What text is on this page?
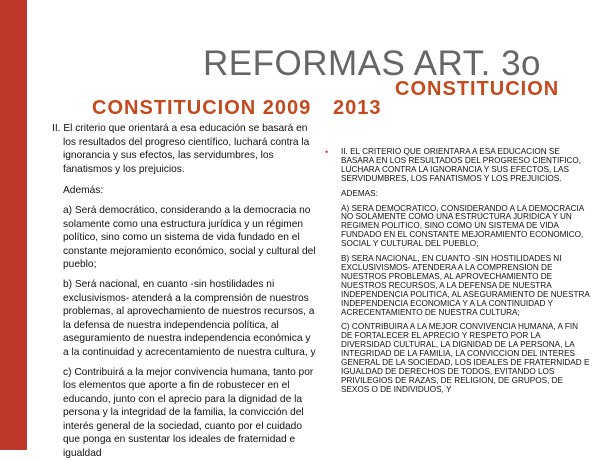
REFORMAS ART. 3o
CONSTITUCION
CONSTITUCION 2009 2013

II. El criterio que orientará a esa educación se basará en los resultados del progreso científico, luchará contra la ignorancia y sus efectos, las servidumbres, los fanatismos y los prejuicios.

Además:

a) Será democrático, considerando a la democracia no solamente como una estructura jurídica y un régimen político, sino como un sistema de vida fundado en el constante mejoramiento económico, social y cultural del pueblo;

b) Será nacional, en cuanto -sin hostilidades ni exclusivismos- atenderá a la comprensión de nuestros problemas, al aprovechamiento de nuestros recursos, a la defensa de nuestra independencia política, al aseguramiento de nuestra independencia económica y a la continuidad y acrecentamiento de nuestra cultura, y

c) Contribuirá a la mejor convivencia humana, tanto por los elementos que aporte a fin de robustecer en el educando, junto con el aprecio para la dignidad de la persona y la integridad de la familia, la convicción del interés general de la sociedad, cuanto por el cuidado que ponga en sustentar los ideales de fraternidad e igualdad

•	II. EL CRITERIO QUE ORIENTARA A ESA EDUCACION SE BASARA EN LOS RESULTADOS DEL PROGRESO CIENTIFICO, LUCHARA CONTRA LA IGNORANCIA Y SUS EFECTOS, LAS SERVIDUMBRES, LOS FANATISMOS Y LOS PREJUICIOS.

ADEMAS:

A) SERA DEMOCRATICO, CONSIDERANDO A LA DEMOCRACIA NO SOLAMENTE COMO UNA ESTRUCTURA JURIDICA Y UN REGIMEN POLITICO, SINO COMO UN SISTEMA DE VIDA FUNDADO EN EL CONSTANTE MEJORAMIENTO ECONOMICO, SOCIAL Y CULTURAL DEL PUEBLO;

B) SERA NACIONAL, EN CUANTO -SIN HOSTILIDADES NI EXCLUSIVISMOS- ATENDERA A LA COMPRENSION DE NUESTROS PROBLEMAS, AL APROVECHAMIENTO DE NUESTROS RECURSOS, A LA DEFENSA DE NUESTRA INDEPENDENCIA POLITICA, AL ASEGURAMIENTO DE NUESTRA INDEPENDENCIA ECONOMICA Y A LA CONTINUIDAD Y ACRECENTAMIENTO DE NUESTRA CULTURA;

C) CONTRIBUIRA A LA MEJOR CONVIVENCIA HUMANA, A FIN DE FORTALECER EL APRECIO Y RESPETO POR LA DIVERSIDAD CULTURAL, LA DIGNIDAD DE LA PERSONA, LA INTEGRIDAD DE LA FAMILIA, LA CONVICCION DEL INTERES GENERAL DE LA SOCIEDAD, LOS IDEALES DE FRATERNIDAD E IGUALDAD DE DERECHOS DE TODOS, EVITANDO LOS PRIVILEGIOS DE RAZAS, DE RELIGION, DE GRUPOS, DE SEXOS O DE INDIVIDUOS, Y
